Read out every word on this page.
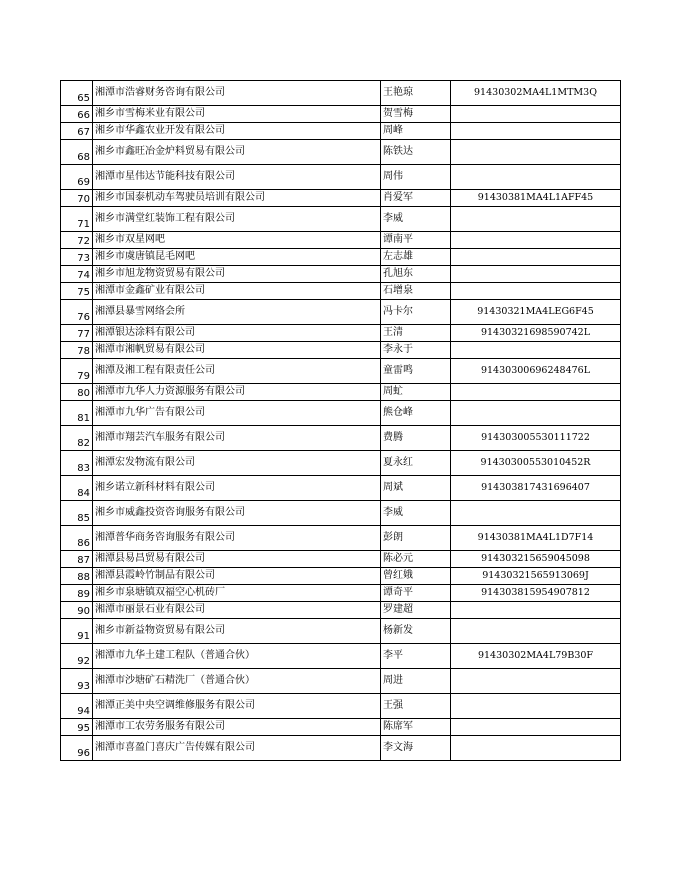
65	湘潭市浩睿财务咨询有限公司	王艳琼	91430302MA4L1MTM3Q
66	湘乡市雪梅米业有限公司	贺雪梅	
67	湘乡市华鑫农业开发有限公司	周峰	
68	湘乡市鑫旺冶金炉料贸易有限公司	陈铁达	
69	湘潭市星伟达节能科技有限公司	周伟	
70	湘乡市国泰机动车驾驶员培训有限公司	肖爱军	91430381MA4L1AFF45
71	湘乡市满堂红装饰工程有限公司	李威	
72	湘乡市双星网吧	谭南平	
73	湘乡市虞唐镇昆毛网吧	左志雄	
74	湘乡市旭龙物资贸易有限公司	孔旭东	
75	湘潭市金鑫矿业有限公司	石增泉	
76	湘潭县暴雪网络会所	冯卡尔	91430321MA4LEG6F45
77	湘潭银达涂料有限公司	王清	91430321698590742L
78	湘潭市湘帆贸易有限公司	李永于	
79	湘潭及湘工程有限责任公司	童雷鸣	91430300696248476L
80	湘潭市九华人力资源服务有限公司	周虻	
81	湘潭市九华广告有限公司	熊仓峰	
82	湘潭市翔芸汽车服务有限公司	费腾	914303005530111722
83	湘潭宏发物流有限公司	夏永红	91430300553010452R
84	湘乡诺立新科材料有限公司	周斌	914303817431696407
85	湘乡市威鑫投资咨询服务有限公司	李威	
86	湘潭普华商务咨询服务有限公司	彭朗	91430381MA4L1D7F14
87	湘潭县易昌贸易有限公司	陈必元	914303215659045098
88	湘潭县霞岭竹制品有限公司	曾红娥	91430321565913069J
89	湘乡市泉塘镇双福空心机砖厂	谭奇平	914303815954907812
90	湘潭市丽景石业有限公司	罗建超	
91	湘乡市新益物资贸易有限公司	杨新发	
92	湘潭市九华土建工程队（普通合伙）	李平	91430302MA4L79B30F
93	湘潭市沙塘矿石精洗厂（普通合伙）	周进	
94	湘潭正美中央空调维修服务有限公司	王强	
95	湘潭市工农劳务服务有限公司	陈席军	
96	湘潭市喜盈门喜庆广告传媒有限公司	李文海	
